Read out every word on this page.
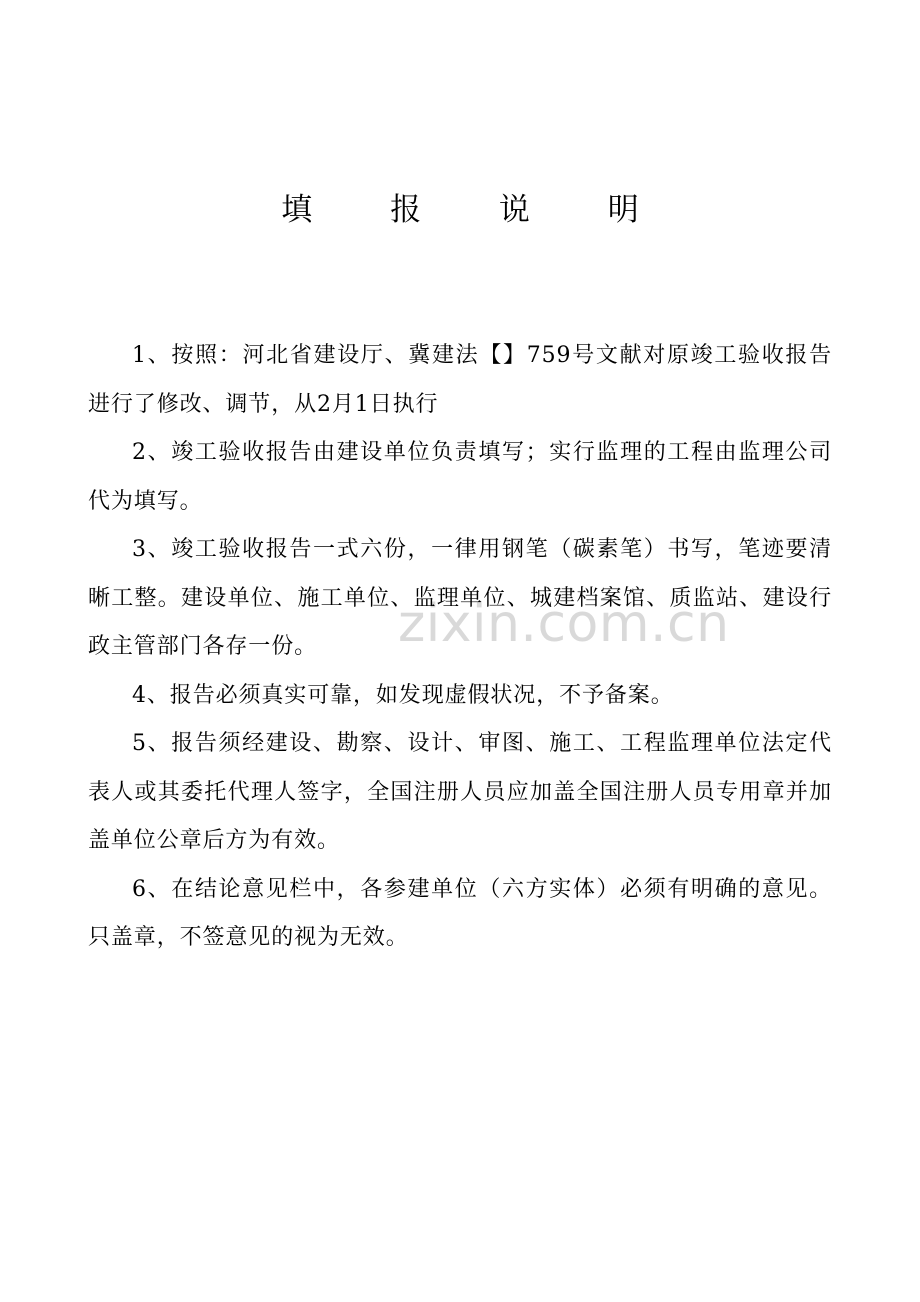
zixin.com.cn
填 报 说 明

1、按照：河北省建设厅、冀建法【】759号文献对原竣工验收报告进行了修改、调节，从2月1日执行

2、竣工验收报告由建设单位负责填写；实行监理的工程由监理公司代为填写。

3、竣工验收报告一式六份，一律用钢笔（碳素笔）书写，笔迹要清晰工整。建设单位、施工单位、监理单位、城建档案馆、质监站、建设行政主管部门各存一份。

4、报告必须真实可靠，如发现虚假状况，不予备案。

5、报告须经建设、勘察、设计、审图、施工、工程监理单位法定代表人或其委托代理人签字，全国注册人员应加盖全国注册人员专用章并加盖单位公章后方为有效。

6、在结论意见栏中，各参建单位（六方实体）必须有明确的意见。只盖章，不签意见的视为无效。
